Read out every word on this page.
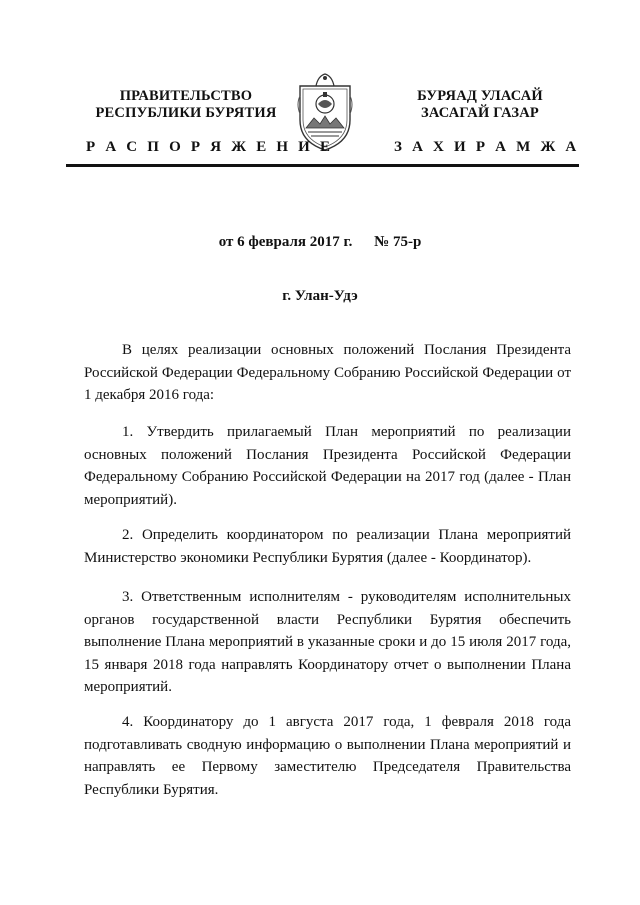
ПРАВИТЕЛЬСТВО
РЕСПУБЛИКИ БУРЯТИЯ
БУРЯАД УЛАСАЙ
ЗАСАГАЙ ГАЗАР
Р А С П О Р Я Ж Е Н И Е	З А Х И Р А М Ж А
от 6 февраля 2017 г. № 75-р
г. Улан-Удэ
В целях реализации основных положений Послания Президента Российской Федерации Федеральному Собранию Российской Федерации от 1 декабря 2016 года:
1. Утвердить прилагаемый План мероприятий по реализации основных положений Послания Президента Российской Федерации Федеральному Собранию Российской Федерации на 2017 год (далее - План мероприятий).
2. Определить координатором по реализации Плана мероприятий Министерство экономики Республики Бурятия (далее - Координатор).
3. Ответственным исполнителям - руководителям исполнительных органов государственной власти Республики Бурятия обеспечить выполнение Плана мероприятий в указанные сроки и до 15 июля 2017 года, 15 января 2018 года направлять Координатору отчет о выполнении Плана мероприятий.
4. Координатору до 1 августа 2017 года, 1 февраля 2018 года подготавливать сводную информацию о выполнении Плана мероприятий и направлять ее Первому заместителю Председателя Правительства Республики Бурятия.
